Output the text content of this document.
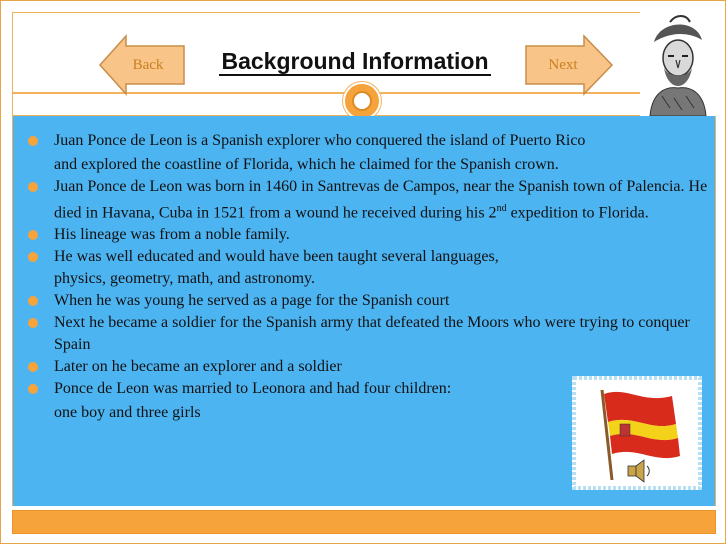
Back	Background Information	Next
Juan Ponce de Leon is a Spanish explorer who conquered the island of Puerto Rico
and explored the coastline of Florida, which he claimed for the Spanish crown.
Juan Ponce de Leon was born in 1460 in Santrevas de Campos, near the Spanish town of Palencia. He died in Havana, Cuba in 1521 from a wound he received during his 2nd expedition to Florida.
His lineage was from a noble family.
He was well educated and would have been taught several languages, physics, geometry, math, and astronomy.
When he was young he served as a page for the Spanish court
Next he became a soldier for the Spanish army that defeated the Moors who were trying to conquer Spain
Later on he became an explorer and a soldier
Ponce de Leon was married to Leonora and had four children:
one boy and three girls
